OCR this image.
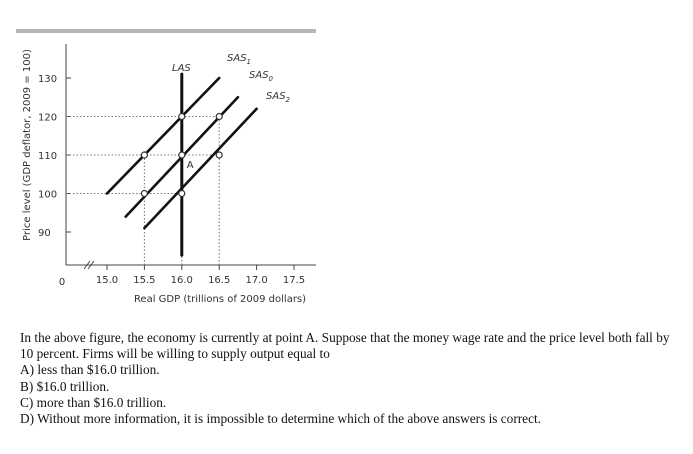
0
90
100
110
120
130
15.0 15.5 16.0 16.5 17.0 17.5
Real GDP (trillions of 2009 dollars)
Price level (GDP deflator, 2009 = 100)	LAS
$SAS_1$
$SAS_0$
$SAS_2$
A

In the above figure, the economy is currently at point A. Suppose that the money wage rate and the price level both fall by 10 percent. Firms will be willing to supply output equal to

A) less than $16.0 trillion.

B) $16.0 trillion.

C) more than $16.0 trillion.

D) Without more information, it is impossible to determine which of the above answers is correct.
